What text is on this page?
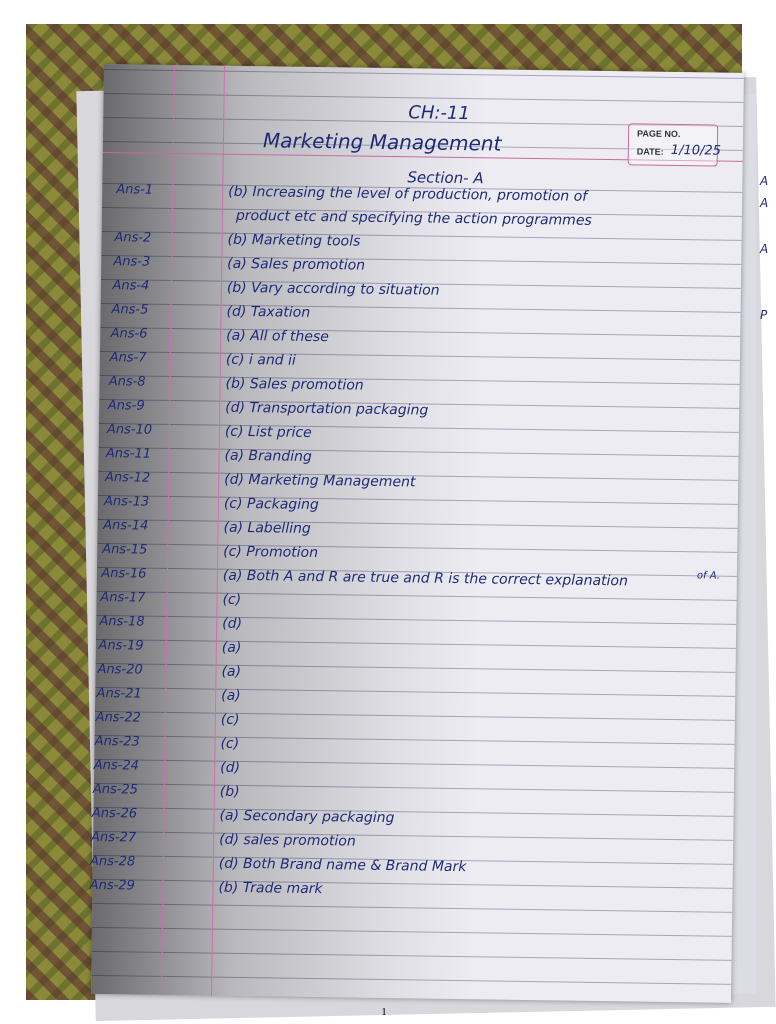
A
A
A
P
CH:-11
Marketing Management	PAGE NO.
DATE: 1/10/25
Section- A
Ans-1	(b) Increasing the level of production, promotion of
product etc and specifying the action programmes
Ans-2	(b) Marketing tools
Ans-3	(a) Sales promotion
Ans-4	(b) Vary according to situation
Ans-5	(d) Taxation
Ans-6	(a) All of these
Ans-7	(c) i and ii
Ans-8	(b) Sales promotion
Ans-9	(d) Transportation packaging
Ans-10	(c) List price
Ans-11	(a) Branding
Ans-12	(d) Marketing Management
Ans-13	(c) Packaging
Ans-14	(a) Labelling
Ans-15	(c) Promotion
Ans-16	(a) Both A and R are true and R is the correct explanation
Ans-17	(c)
Ans-18	(d)
Ans-19	(a)
Ans-20	(a)
Ans-21	(a)
Ans-22	(c)
Ans-23	(c)
Ans-24	(d)
Ans-25	(b)
Ans-26	(a) Secondary packaging
Ans-27	(d) sales promotion
Ans-28	(d) Both Brand name & Brand Mark
Ans-29	(b) Trade mark
of A.
1
